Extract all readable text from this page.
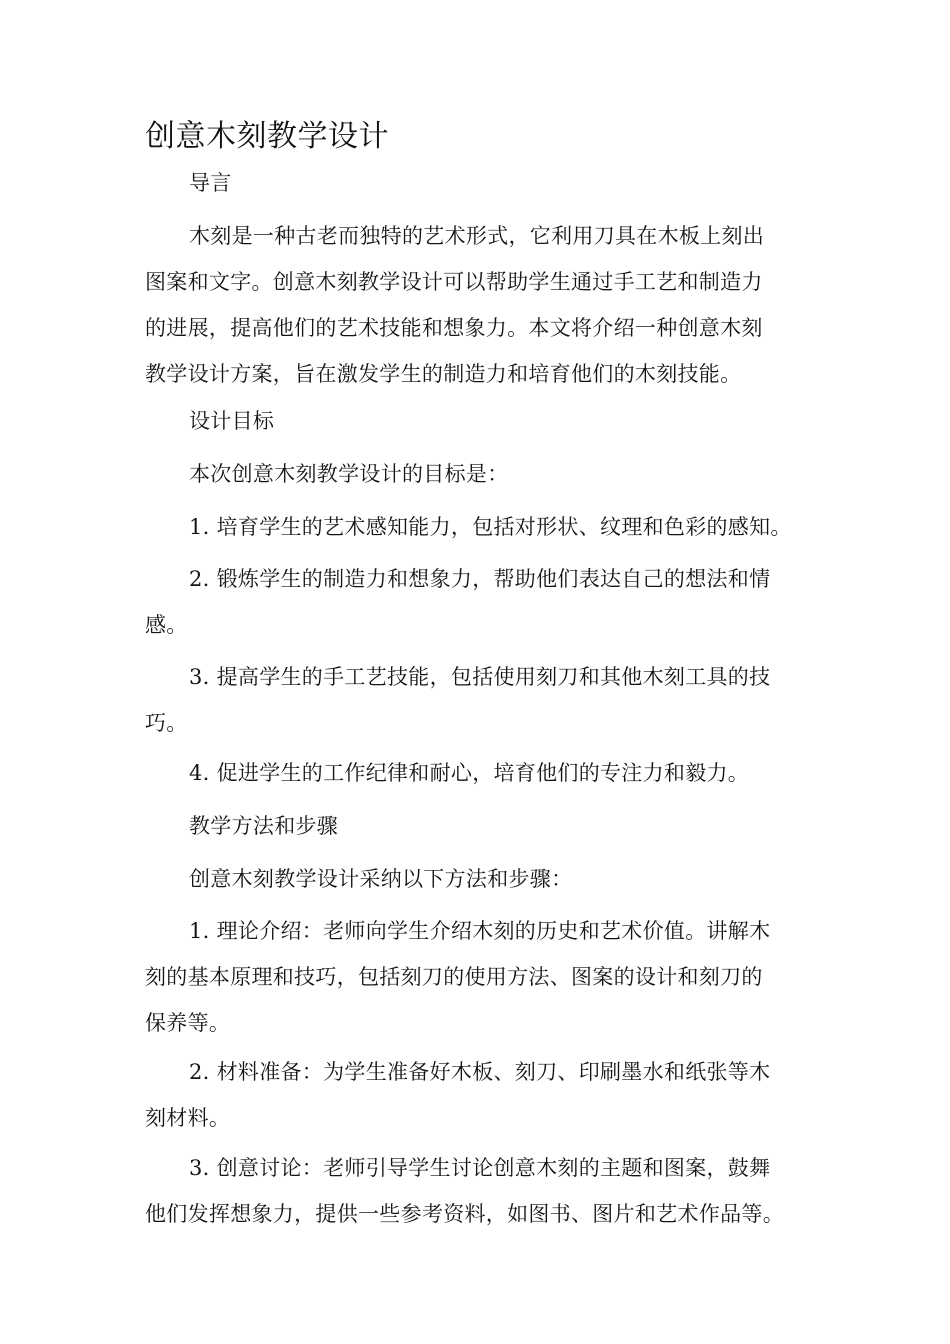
创意木刻教学设计

导言

木刻是一种古老而独特的艺术形式，它利用刀具在木板上刻出
图案和文字。创意木刻教学设计可以帮助学生通过手工艺和制造力
的进展，提高他们的艺术技能和想象力。本文将介绍一种创意木刻
教学设计方案，旨在激发学生的制造力和培育他们的木刻技能。

设计目标

本次创意木刻教学设计的目标是：

1. 培育学生的艺术感知能力，包括对形状、纹理和色彩的感知。
2. 锻炼学生的制造力和想象力，帮助他们表达自己的想法和情
感。
3. 提高学生的手工艺技能，包括使用刻刀和其他木刻工具的技
巧。
4. 促进学生的工作纪律和耐心，培育他们的专注力和毅力。

教学方法和步骤

创意木刻教学设计采纳以下方法和步骤：

1. 理论介绍：老师向学生介绍木刻的历史和艺术价值。讲解木
刻的基本原理和技巧，包括刻刀的使用方法、图案的设计和刻刀的
保养等。
2. 材料准备：为学生准备好木板、刻刀、印刷墨水和纸张等木
刻材料。
3. 创意讨论：老师引导学生讨论创意木刻的主题和图案，鼓舞
他们发挥想象力，提供一些参考资料，如图书、图片和艺术作品等。
